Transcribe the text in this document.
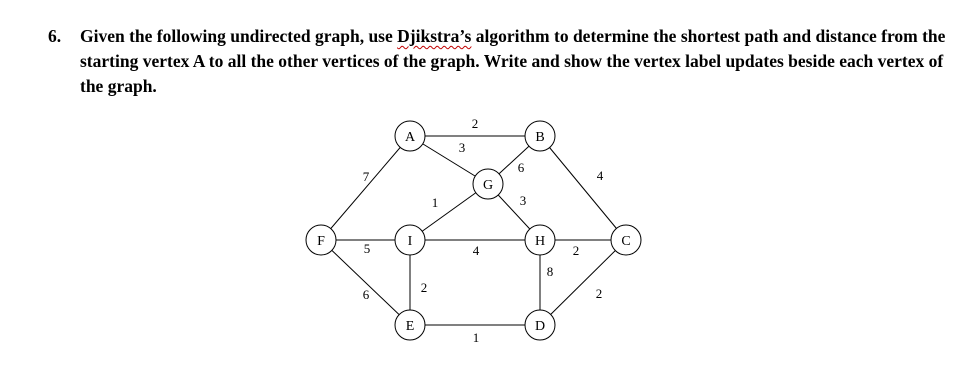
6. Given the following undirected graph, use Djikstra’s algorithm to determine the shortest path and distance from the starting vertex A to all the other vertices of the graph. Write and show the vertex label updates beside each vertex of the graph.
A	B
G
F	I	H	C
E	D
2
3
6
7	4
1	3
5	4	2
6	2
8
2
1
